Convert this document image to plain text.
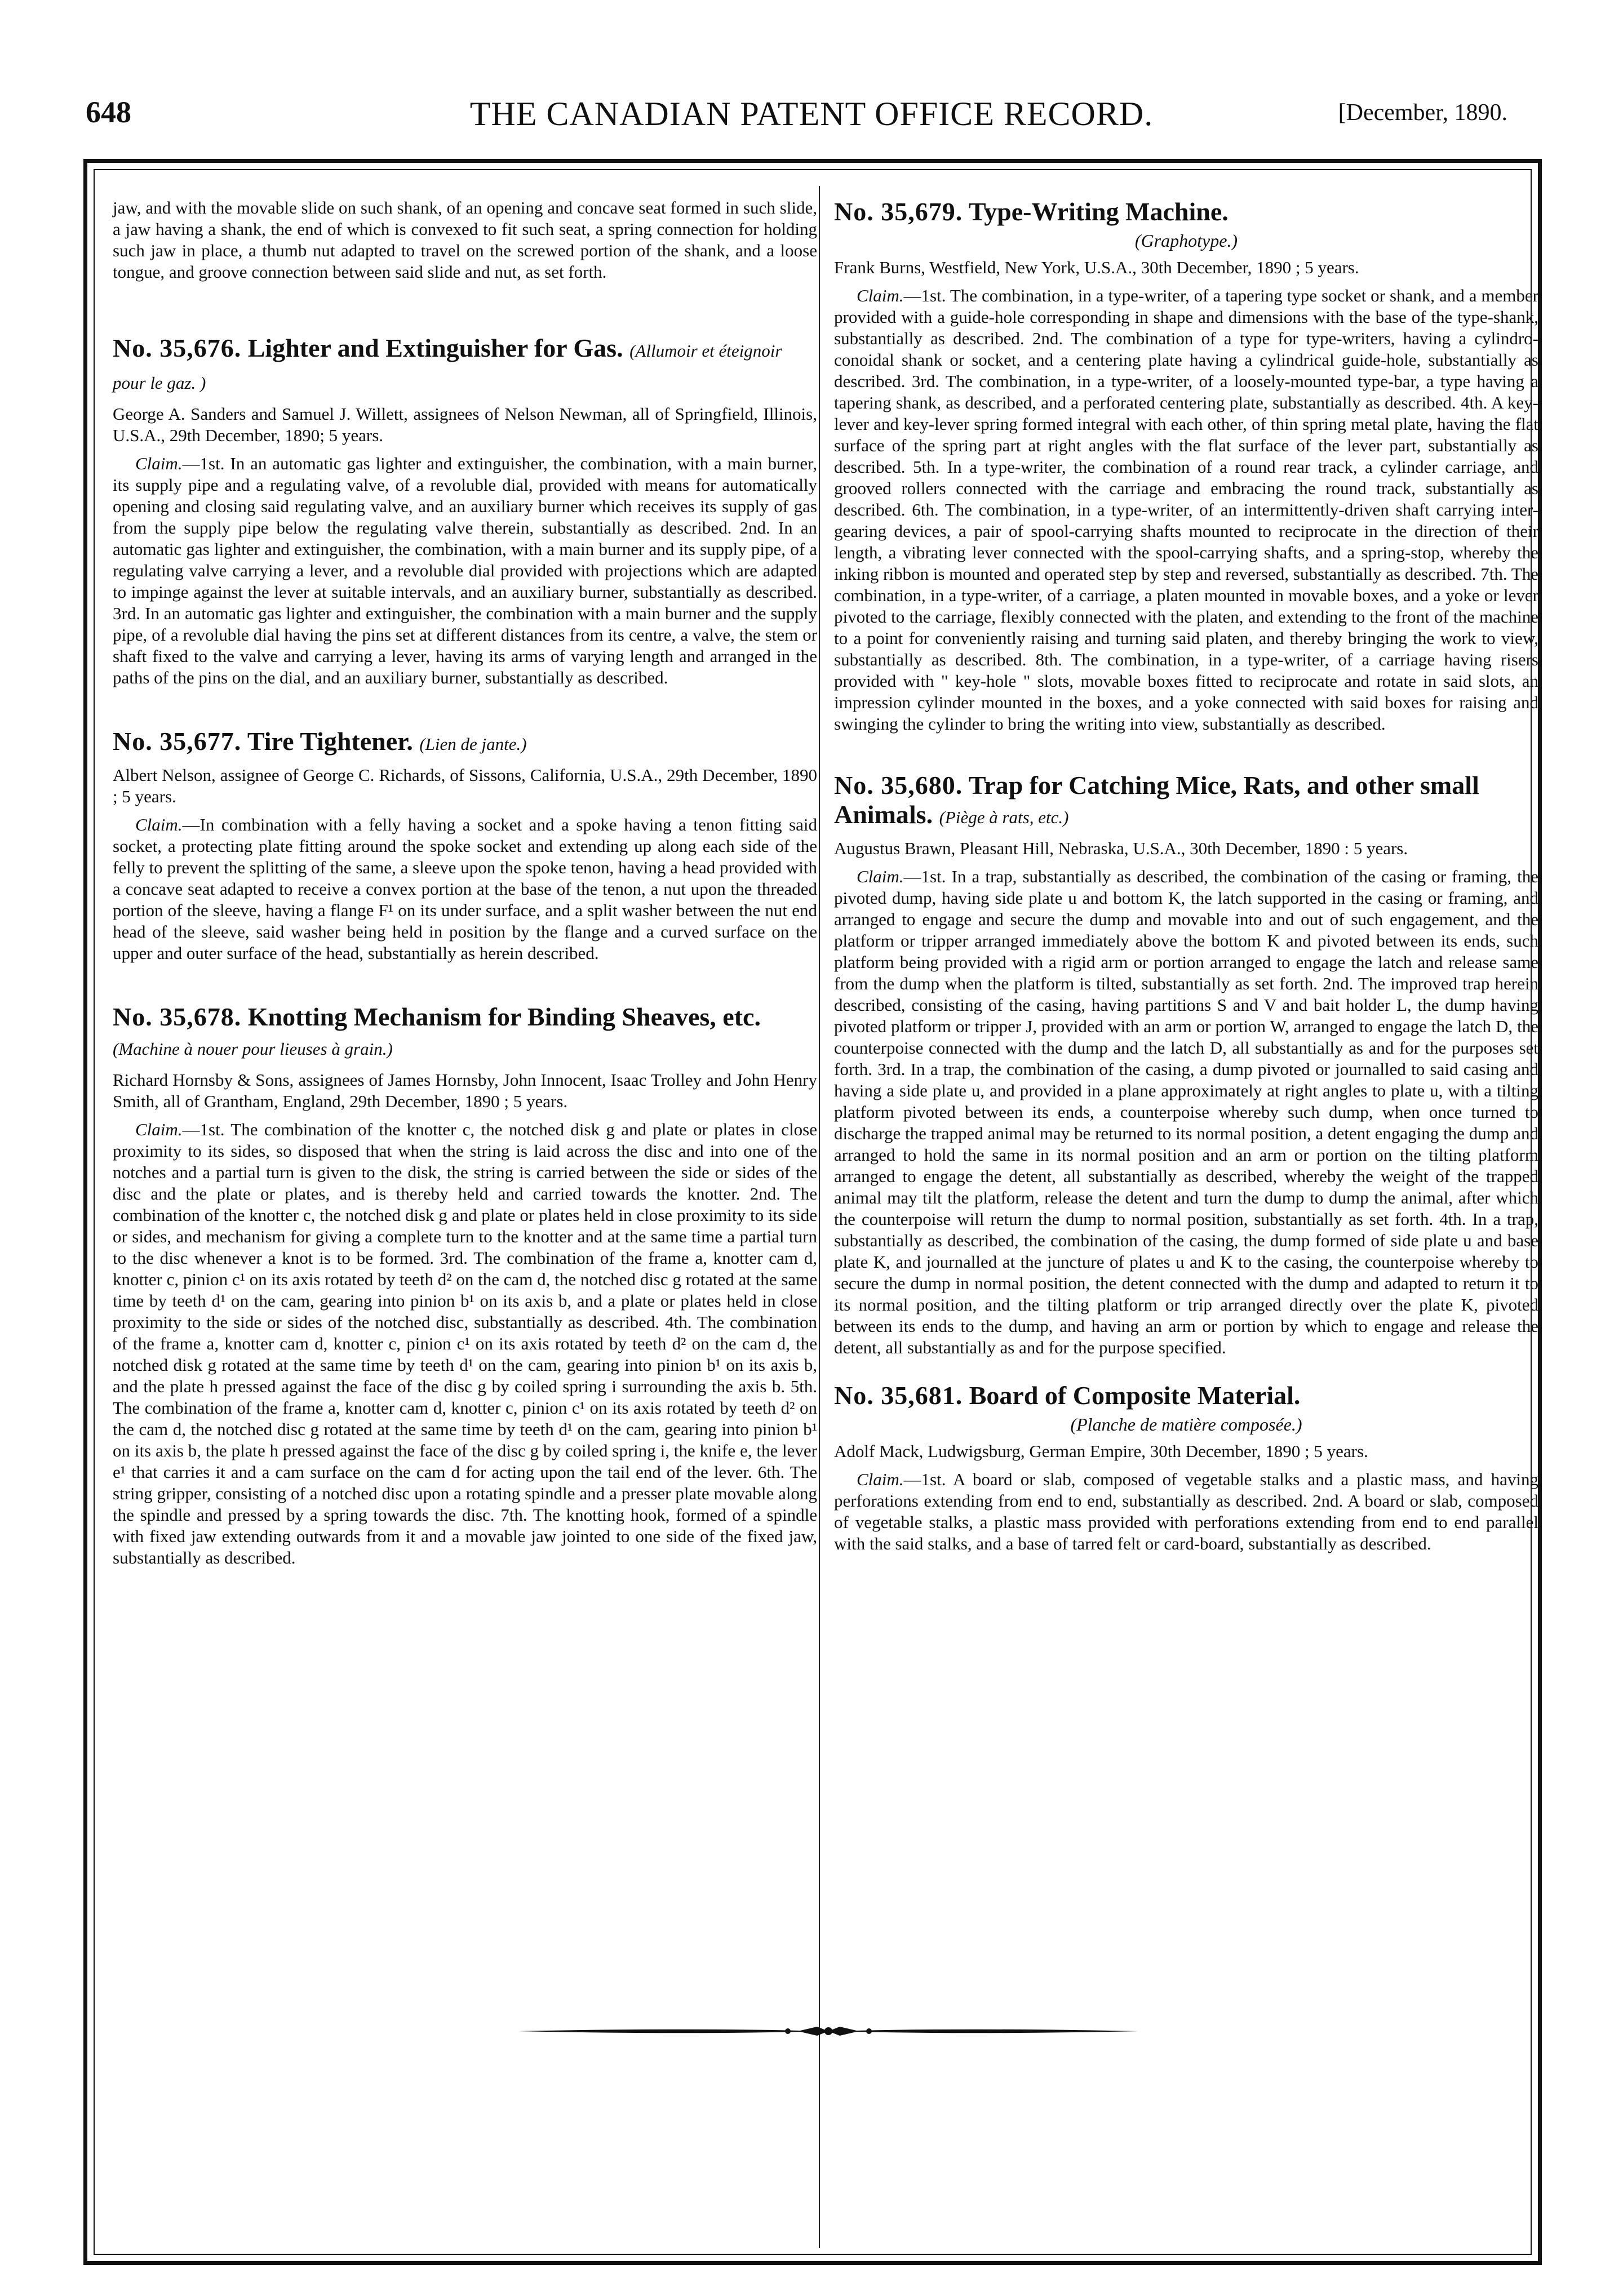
648	THE CANADIAN PATENT OFFICE RECORD.	[December, 1890.

jaw, and with the movable slide on such shank, of an opening and concave seat formed in such slide, a jaw having a shank, the end of which is convexed to fit such seat, a spring connection for holding such jaw in place, a thumb nut adapted to travel on the screwed portion of the shank, and a loose tongue, and groove connection between said slide and nut, as set forth.

No. 35,676. Lighter and Extinguisher for Gas. (Allumoir et éteignoir pour le gaz. )

George A. Sanders and Samuel J. Willett, assignees of Nelson Newman, all of Springfield, Illinois, U.S.A., 29th December, 1890; 5 years.

Claim.—1st. In an automatic gas lighter and extinguisher, the combination, with a main burner, its supply pipe and a regulating valve, of a revoluble dial, provided with means for automatically opening and closing said regulating valve, and an auxiliary burner which receives its supply of gas from the supply pipe below the regulating valve therein, substantially as described. 2nd. In an automatic gas lighter and extinguisher, the combination, with a main burner and its supply pipe, of a regulating valve carrying a lever, and a revoluble dial provided with projections which are adapted to impinge against the lever at suitable intervals, and an auxiliary burner, substantially as described. 3rd. In an automatic gas lighter and extinguisher, the combination with a main burner and the supply pipe, of a revoluble dial having the pins set at different distances from its centre, a valve, the stem or shaft fixed to the valve and carrying a lever, having its arms of varying length and arranged in the paths of the pins on the dial, and an auxiliary burner, substantially as described.

No. 35,677. Tire Tightener. (Lien de jante.)

Albert Nelson, assignee of George C. Richards, of Sissons, California, U.S.A., 29th December, 1890 ; 5 years.

Claim.—In combination with a felly having a socket and a spoke having a tenon fitting said socket, a protecting plate fitting around the spoke socket and extending up along each side of the felly to prevent the splitting of the same, a sleeve upon the spoke tenon, having a head provided with a concave seat adapted to receive a convex portion at the base of the tenon, a nut upon the threaded portion of the sleeve, having a flange F¹ on its under surface, and a split washer between the nut end head of the sleeve, said washer being held in position by the flange and a curved surface on the upper and outer surface of the head, substantially as herein described.

No. 35,678. Knotting Mechanism for Binding Sheaves, etc. (Machine à nouer pour lieuses à grain.)

Richard Hornsby & Sons, assignees of James Hornsby, John Innocent, Isaac Trolley and John Henry Smith, all of Grantham, England, 29th December, 1890 ; 5 years.

Claim.—1st. The combination of the knotter c, the notched disk g and plate or plates in close proximity to its sides, so disposed that when the string is laid across the disc and into one of the notches and a partial turn is given to the disk, the string is carried between the side or sides of the disc and the plate or plates, and is thereby held and carried towards the knotter. 2nd. The combination of the knotter c, the notched disk g and plate or plates held in close proximity to its side or sides, and mechanism for giving a complete turn to the knotter and at the same time a partial turn to the disc whenever a knot is to be formed. 3rd. The combination of the frame a, knotter cam d, knotter c, pinion c¹ on its axis rotated by teeth d² on the cam d, the notched disc g rotated at the same time by teeth d¹ on the cam, gearing into pinion b¹ on its axis b, and a plate or plates held in close proximity to the side or sides of the notched disc, substantially as described. 4th. The combination of the frame a, knotter cam d, knotter c, pinion c¹ on its axis rotated by teeth d² on the cam d, the notched disk g rotated at the same time by teeth d¹ on the cam, gearing into pinion b¹ on its axis b, and the plate h pressed against the face of the disc g by coiled spring i surrounding the axis b. 5th. The combination of the frame a, knotter cam d, knotter c, pinion c¹ on its axis rotated by teeth d² on the cam d, the notched disc g rotated at the same time by teeth d¹ on the cam, gearing into pinion b¹ on its axis b, the plate h pressed against the face of the disc g by coiled spring i, the knife e, the lever e¹ that carries it and a cam surface on the cam d for acting upon the tail end of the lever. 6th. The string gripper, consisting of a notched disc upon a rotating spindle and a presser plate movable along the spindle and pressed by a spring towards the disc. 7th. The knotting hook, formed of a spindle with fixed jaw extending outwards from it and a movable jaw jointed to one side of the fixed jaw, substantially as described.

No. 35,679. Type-Writing Machine.
(Graphotype.)

Frank Burns, Westfield, New York, U.S.A., 30th December, 1890 ; 5 years.

Claim.—1st. The combination, in a type-writer, of a tapering type socket or shank, and a member provided with a guide-hole corresponding in shape and dimensions with the base of the type-shank, substantially as described. 2nd. The combination of a type for type-writers, having a cylindro-conoidal shank or socket, and a centering plate having a cylindrical guide-hole, substantially as described. 3rd. The combination, in a type-writer, of a loosely-mounted type-bar, a type having a tapering shank, as described, and a perforated centering plate, substantially as described. 4th. A key-lever and key-lever spring formed integral with each other, of thin spring metal plate, having the flat surface of the spring part at right angles with the flat surface of the lever part, substantially as described. 5th. In a type-writer, the combination of a round rear track, a cylinder carriage, and grooved rollers connected with the carriage and embracing the round track, substantially as described. 6th. The combination, in a type-writer, of an intermittently-driven shaft carrying inter-gearing devices, a pair of spool-carrying shafts mounted to reciprocate in the direction of their length, a vibrating lever connected with the spool-carrying shafts, and a spring-stop, whereby the inking ribbon is mounted and operated step by step and reversed, substantially as described. 7th. The combination, in a type-writer, of a carriage, a platen mounted in movable boxes, and a yoke or lever pivoted to the carriage, flexibly connected with the platen, and extending to the front of the machine to a point for conveniently raising and turning said platen, and thereby bringing the work to view, substantially as described. 8th. The combination, in a type-writer, of a carriage having risers provided with " key-hole " slots, movable boxes fitted to reciprocate and rotate in said slots, an impression cylinder mounted in the boxes, and a yoke connected with said boxes for raising and swinging the cylinder to bring the writing into view, substantially as described.

No. 35,680. Trap for Catching Mice, Rats, and other small Animals. (Piège à rats, etc.)

Augustus Brawn, Pleasant Hill, Nebraska, U.S.A., 30th December, 1890 : 5 years.

Claim.—1st. In a trap, substantially as described, the combination of the casing or framing, the pivoted dump, having side plate u and bottom K, the latch supported in the casing or framing, and arranged to engage and secure the dump and movable into and out of such engagement, and the platform or tripper arranged immediately above the bottom K and pivoted between its ends, such platform being provided with a rigid arm or portion arranged to engage the latch and release same from the dump when the platform is tilted, substantially as set forth. 2nd. The improved trap herein described, consisting of the casing, having partitions S and V and bait holder L, the dump having pivoted platform or tripper J, provided with an arm or portion W, arranged to engage the latch D, the counterpoise connected with the dump and the latch D, all substantially as and for the purposes set forth. 3rd. In a trap, the combination of the casing, a dump pivoted or journalled to said casing and having a side plate u, and provided in a plane approximately at right angles to plate u, with a tilting platform pivoted between its ends, a counterpoise whereby such dump, when once turned to discharge the trapped animal may be returned to its normal position, a detent engaging the dump and arranged to hold the same in its normal position and an arm or portion on the tilting platform arranged to engage the detent, all substantially as described, whereby the weight of the trapped animal may tilt the platform, release the detent and turn the dump to dump the animal, after which the counterpoise will return the dump to normal position, substantially as set forth. 4th. In a trap, substantially as described, the combination of the casing, the dump formed of side plate u and base plate K, and journalled at the juncture of plates u and K to the casing, the counterpoise whereby to secure the dump in normal position, the detent connected with the dump and adapted to return it to its normal position, and the tilting platform or trip arranged directly over the plate K, pivoted between its ends to the dump, and having an arm or portion by which to engage and release the detent, all substantially as and for the purpose specified.

No. 35,681. Board of Composite Material.
(Planche de matière composée.)

Adolf Mack, Ludwigsburg, German Empire, 30th December, 1890 ; 5 years.

Claim.—1st. A board or slab, composed of vegetable stalks and a plastic mass, and having perforations extending from end to end, substantially as described. 2nd. A board or slab, composed of vegetable stalks, a plastic mass provided with perforations extending from end to end parallel with the said stalks, and a base of tarred felt or card-board, substantially as described.
